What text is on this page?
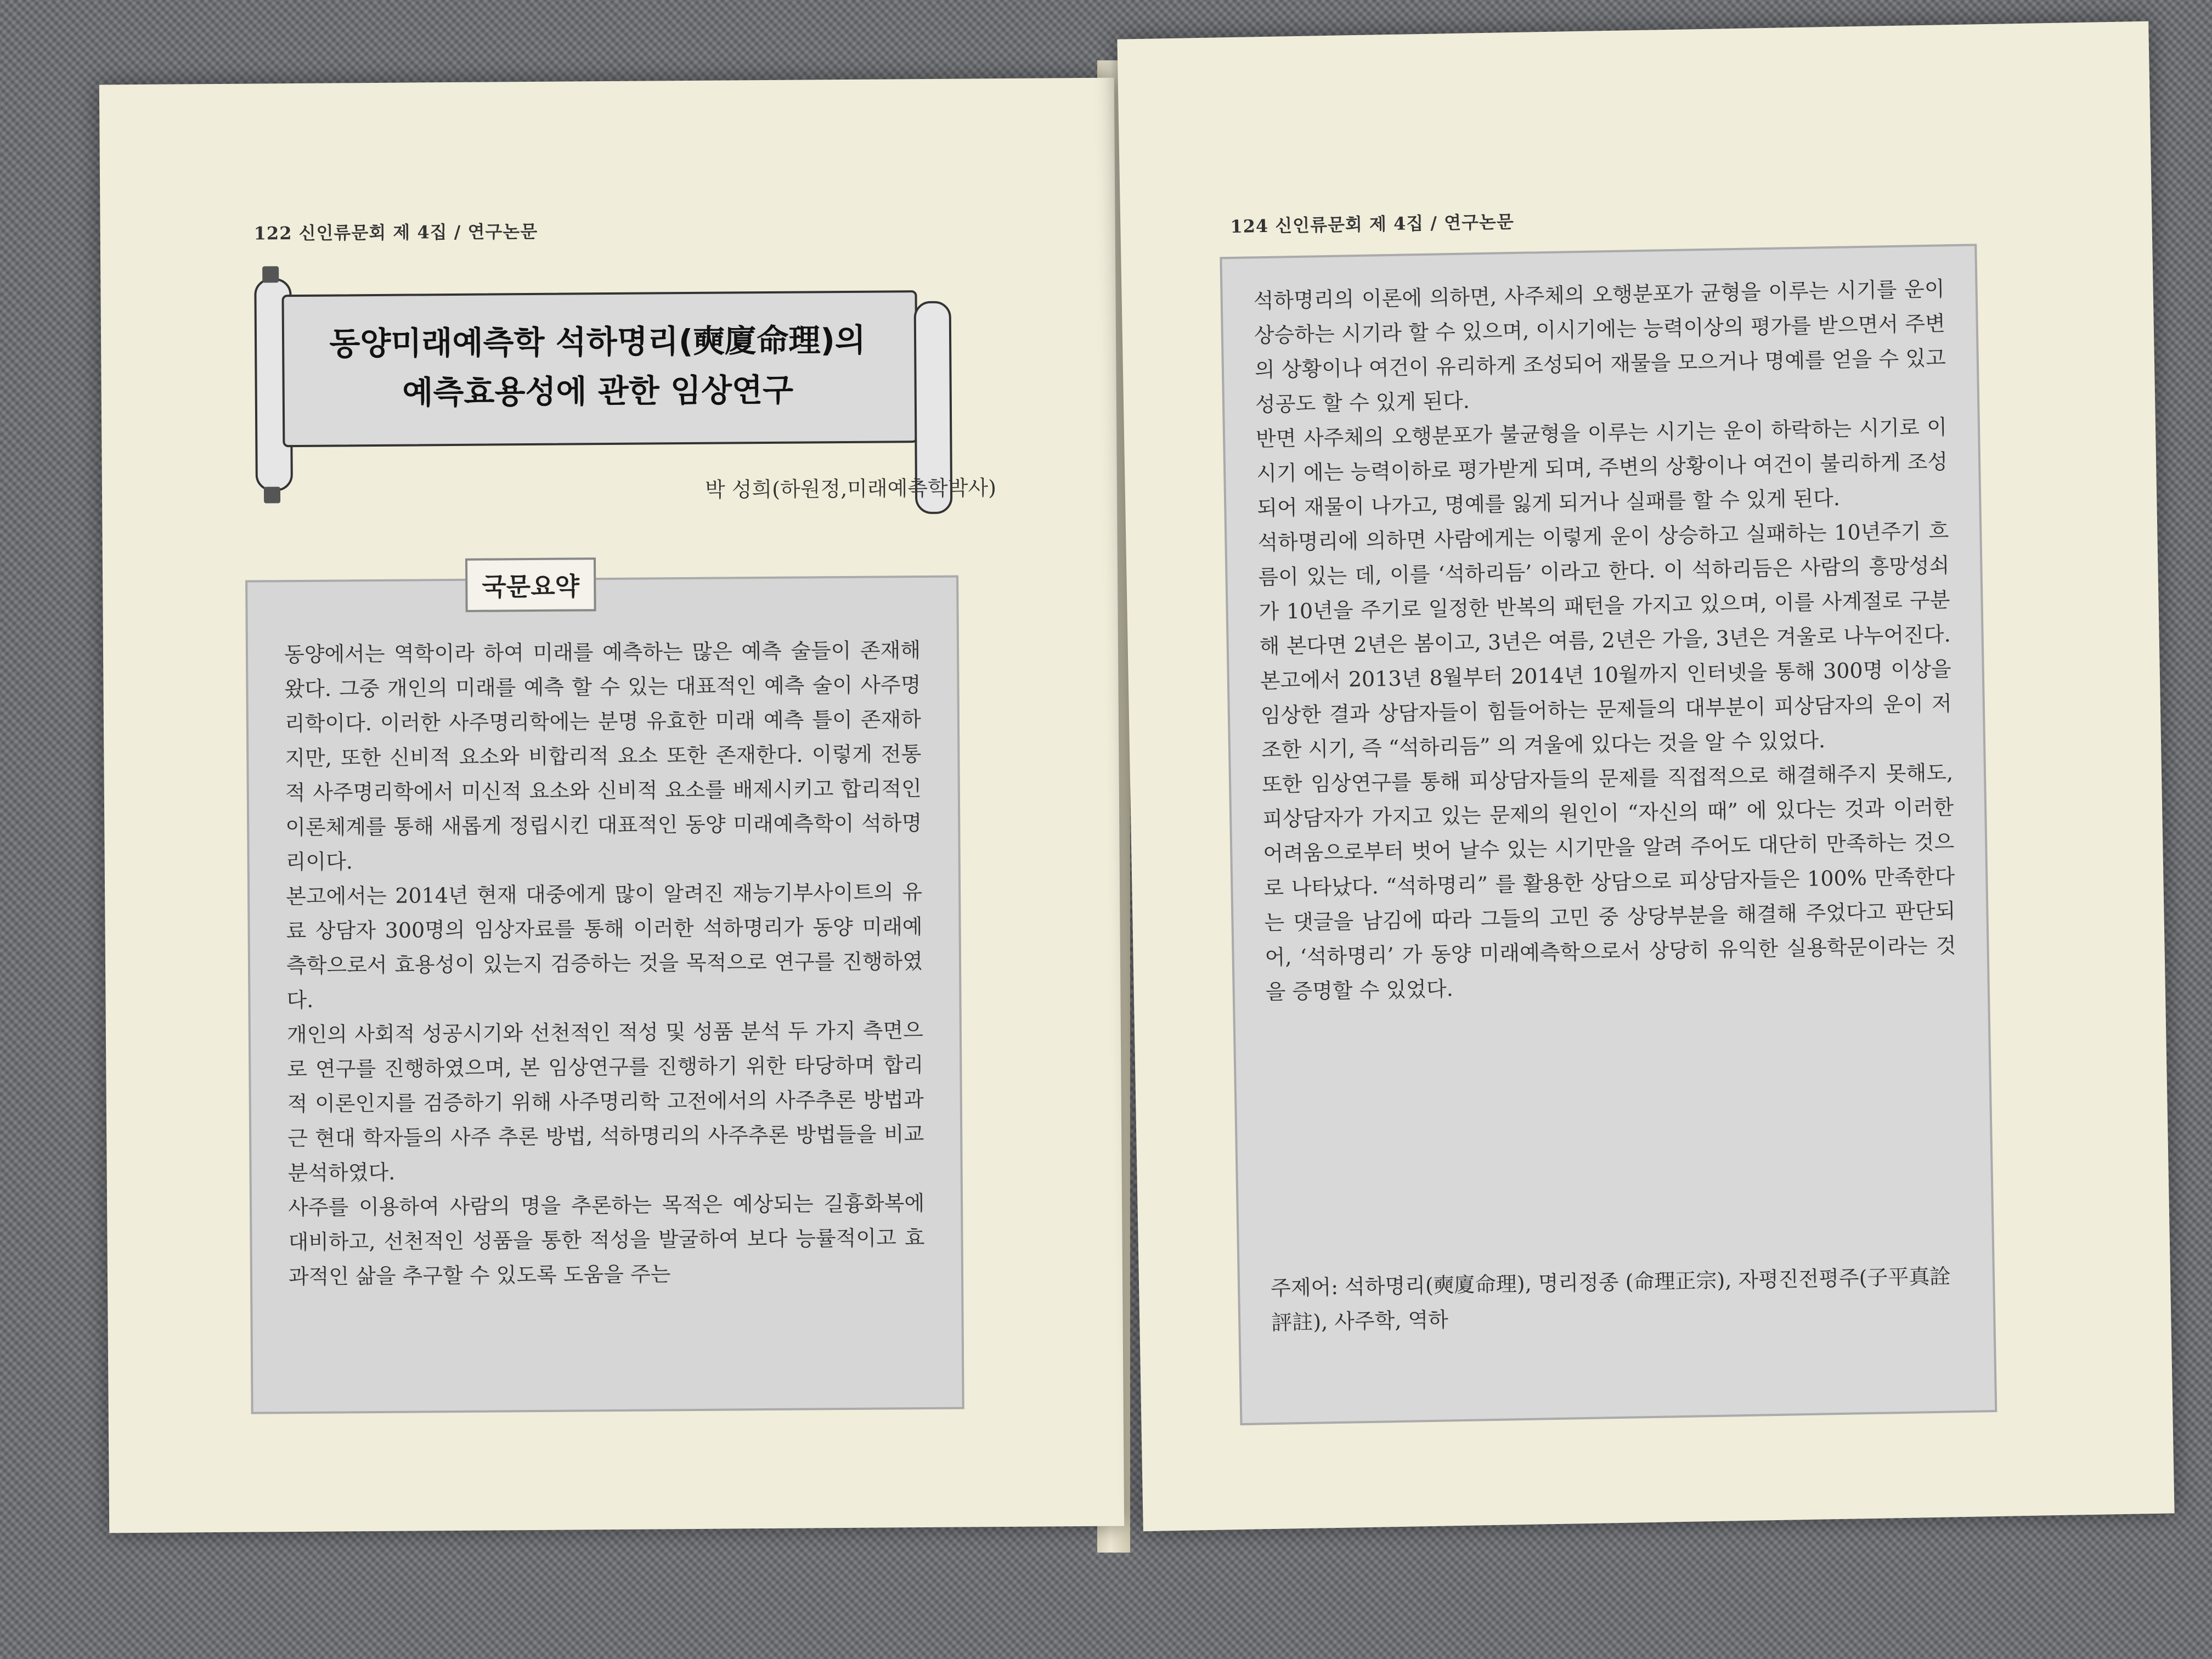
122 신인류문회 제 4집 / 연구논문
동양미래예측학 석하명리(奭廈命理)의
예측효용성에 관한 임상연구
박 성희(하원정,미래예측학박사)
국문요약

동양에서는 역학이라 하여 미래를 예측하는 많은 예측 술들이 존재해 왔다. 그중 개인의 미래를 예측 할 수 있는 대표적인 예측 술이 사주명리학이다. 이러한 사주명리학에는 분명 유효한 미래 예측 틀이 존재하지만, 또한 신비적 요소와 비합리적 요소 또한 존재한다. 이렇게 전통적 사주명리학에서 미신적 요소와 신비적 요소를 배제시키고 합리적인 이론체계를 통해 새롭게 정립시킨 대표적인 동양 미래예측학이 석하명리이다.

본고에서는 2014년 현재 대중에게 많이 알려진 재능기부사이트의 유료 상담자 300명의 임상자료를 통해 이러한 석하명리가 동양 미래예측학으로서 효용성이 있는지 검증하는 것을 목적으로 연구를 진행하였다.

개인의 사회적 성공시기와 선천적인 적성 및 성품 분석 두 가지 측면으로 연구를 진행하였으며, 본 임상연구를 진행하기 위한 타당하며 합리적 이론인지를 검증하기 위해 사주명리학 고전에서의 사주추론 방법과 근 현대 학자들의 사주 추론 방법, 석하명리의 사주추론 방법들을 비교 분석하였다.

사주를 이용하여 사람의 명을 추론하는 목적은 예상되는 길흉화복에 대비하고, 선천적인 성품을 통한 적성을 발굴하여 보다 능률적이고 효과적인 삶을 추구할 수 있도록 도움을 주는

124 신인류문회 제 4집 / 연구논문

석하명리의 이론에 의하면, 사주체의 오행분포가 균형을 이루는 시기를 운이 상승하는 시기라 할 수 있으며, 이시기에는 능력이상의 평가를 받으면서 주변의 상황이나 여건이 유리하게 조성되어 재물을 모으거나 명예를 얻을 수 있고 성공도 할 수 있게 된다.

반면 사주체의 오행분포가 불균형을 이루는 시기는 운이 하락하는 시기로 이시기 에는 능력이하로 평가받게 되며, 주변의 상황이나 여건이 불리하게 조성되어 재물이 나가고, 명예를 잃게 되거나 실패를 할 수 있게 된다.

석하명리에 의하면 사람에게는 이렇게 운이 상승하고 실패하는 10년주기 흐름이 있는 데, 이를 ‘석하리듬’ 이라고 한다. 이 석하리듬은 사람의 흥망성쇠가 10년을 주기로 일정한 반복의 패턴을 가지고 있으며, 이를 사계절로 구분해 본다면 2년은 봄이고, 3년은 여름, 2년은 가을, 3년은 겨울로 나누어진다. 본고에서 2013년 8월부터 2014년 10월까지 인터넷을 통해 300명 이상을 임상한 결과 상담자들이 힘들어하는 문제들의 대부분이 피상담자의 운이 저조한 시기, 즉 “석하리듬” 의 겨울에 있다는 것을 알 수 있었다.

또한 임상연구를 통해 피상담자들의 문제를 직접적으로 해결해주지 못해도, 피상담자가 가지고 있는 문제의 원인이 “자신의 때” 에 있다는 것과 이러한 어려움으로부터 벗어 날수 있는 시기만을 알려 주어도 대단히 만족하는 것으로 나타났다. “석하명리” 를 활용한 상담으로 피상담자들은 100% 만족한다는 댓글을 남김에 따라 그들의 고민 중 상당부분을 해결해 주었다고 판단되어, ‘석하명리’ 가 동양 미래예측학으로서 상당히 유익한 실용학문이라는 것을 증명할 수 있었다.

주제어: 석하명리(奭廈命理), 명리정종 (命理正宗), 자평진전평주(子平真詮評註), 사주학, 역하
